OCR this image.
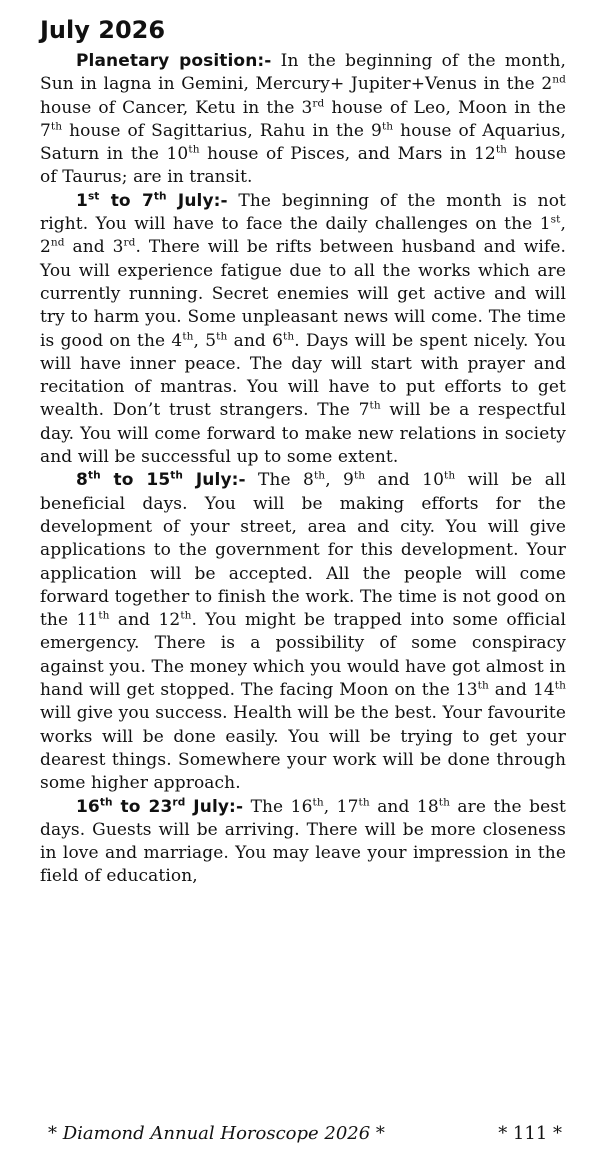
July 2026

Planetary position:- In the beginning of the month, Sun in lagna in Gemini, Mercury+ Jupiter+Venus in the 2nd house of Cancer, Ketu in the 3rd house of Leo, Moon in the 7th house of Sagittarius, Rahu in the 9th house of Aquarius, Saturn in the 10th house of Pisces, and Mars in 12th house of Taurus; are in transit.

1st to 7th July:- The beginning of the month is not right. You will have to face the daily challenges on the 1st, 2nd and 3rd. There will be rifts between husband and wife. You will experience fatigue due to all the works which are currently running. Secret enemies will get active and will try to harm you. Some unpleasant news will come. The time is good on the 4th, 5th and 6th. Days will be spent nicely. You will have inner peace. The day will start with prayer and recitation of mantras. You will have to put efforts to get wealth. Don’t trust strangers. The 7th will be a respectful day. You will come forward to make new relations in society and will be successful up to some extent.

8th to 15th July:- The 8th, 9th and 10th will be all beneficial days. You will be making efforts for the development of your street, area and city. You will give applications to the government for this development. Your application will be accepted. All the people will come forward together to finish the work. The time is not good on the 11th and 12th. You might be trapped into some official emergency. There is a possibility of some conspiracy against you. The money which you would have got almost in hand will get stopped. The facing Moon on the 13th and 14th will give you success. Health will be the best. Your favourite works will be done easily. You will be trying to get your dearest things. Somewhere your work will be done through some higher approach.

16th to 23rd July:- The 16th, 17th and 18th are the best days. Guests will be arriving. There will be more closeness in love and marriage. You may leave your impression in the field of education,

* Diamond Annual Horoscope 2026 *	* 111 *
